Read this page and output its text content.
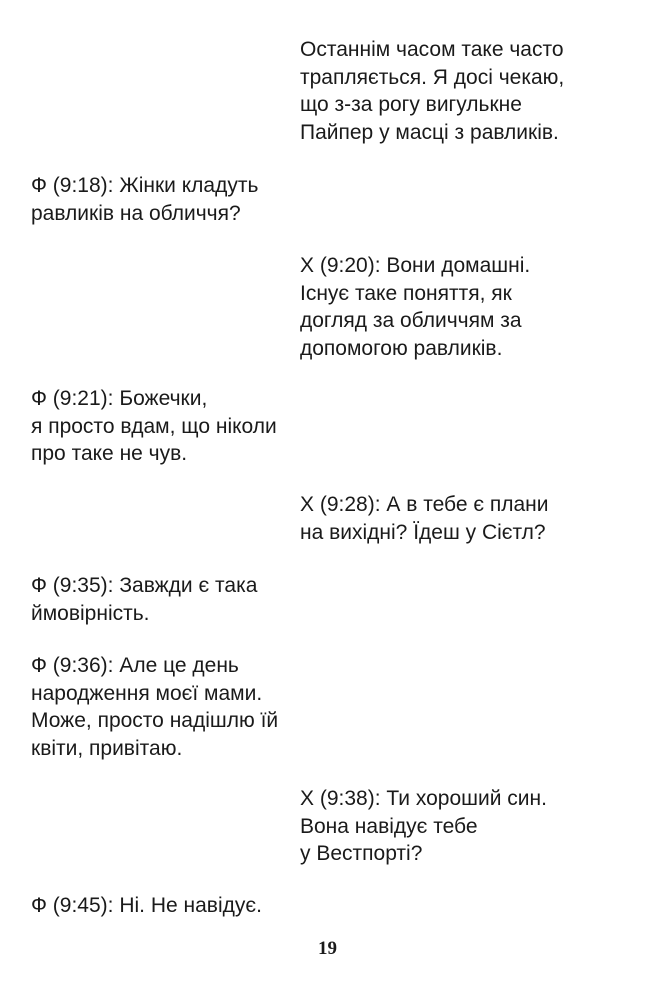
Останнім часом таке часто
трапляється. Я досі чекаю,
що з-за рогу вигулькне
Пайпер у масці з равликів.
Ф (9:18): Жінки кладуть
равликів на обличчя?
Х (9:20): Вони домашні.
Існує таке поняття, як
догляд за обличчям за
допомогою равликів.
Ф (9:21): Божечки,
я просто вдам, що ніколи
про таке не чув.
Х (9:28): А в тебе є плани
на вихідні? Їдеш у Сієтл?
Ф (9:35): Завжди є така
ймовірність.
Ф (9:36): Але це день
народження моєї мами.
Може, просто надішлю їй
квіти, привітаю.
Х (9:38): Ти хороший син.
Вона навідує тебе
у Вестпорті?
Ф (9:45): Ні. Не навідує.
19
